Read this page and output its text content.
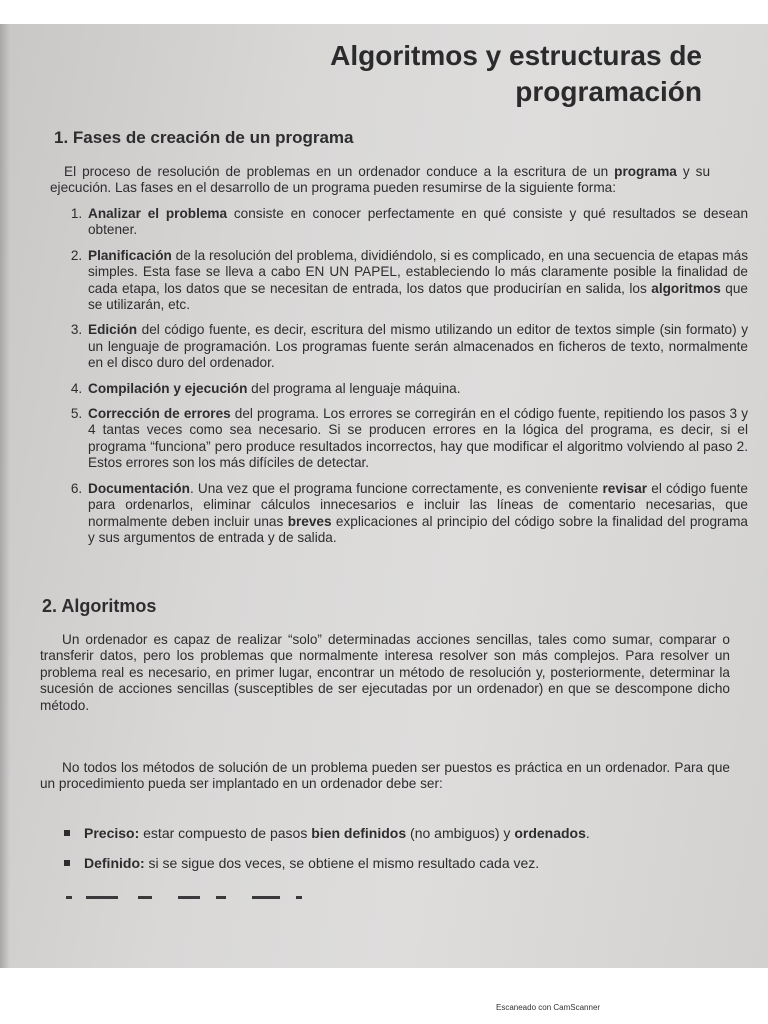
Algoritmos y estructuras de
programación
1. Fases de creación de un programa

El proceso de resolución de problemas en un ordenador conduce a la escritura de un programa y su ejecución. Las fases en el desarrollo de un programa pueden resumirse de la siguiente forma:

1. Analizar el problema consiste en conocer perfectamente en qué consiste y qué resultados se desean obtener.
2. Planificación de la resolución del problema, dividiéndolo, si es complicado, en una secuencia de etapas más simples. Esta fase se lleva a cabo EN UN PAPEL, estableciendo lo más claramente posible la finalidad de cada etapa, los datos que se necesitan de entrada, los datos que producirían en salida, los algoritmos que se utilizarán, etc.
3. Edición del código fuente, es decir, escritura del mismo utilizando un editor de textos simple (sin formato) y un lenguaje de programación. Los programas fuente serán almacenados en ficheros de texto, normalmente en el disco duro del ordenador.
4. Compilación y ejecución del programa al lenguaje máquina.
5. Corrección de errores del programa. Los errores se corregirán en el código fuente, repitiendo los pasos 3 y 4 tantas veces como sea necesario. Si se producen errores en la lógica del programa, es decir, si el programa “funciona” pero produce resultados incorrectos, hay que modificar el algoritmo volviendo al paso 2. Estos errores son los más difíciles de detectar.
6. Documentación. Una vez que el programa funcione correctamente, es conveniente revisar el código fuente para ordenarlos, eliminar cálculos innecesarios e incluir las líneas de comentario necesarias, que normalmente deben incluir unas breves explicaciones al principio del código sobre la finalidad del programa y sus argumentos de entrada y de salida.
2. Algoritmos

Un ordenador es capaz de realizar “solo” determinadas acciones sencillas, tales como sumar, comparar o transferir datos, pero los problemas que normalmente interesa resolver son más complejos. Para resolver un problema real es necesario, en primer lugar, encontrar un método de resolución y, posteriormente, determinar la sucesión de acciones sencillas (susceptibles de ser ejecutadas por un ordenador) en que se descompone dicho método.

No todos los métodos de solución de un problema pueden ser puestos es práctica en un ordenador. Para que un procedimiento pueda ser implantado en un ordenador debe ser:

Preciso: estar compuesto de pasos bien definidos (no ambiguos) y ordenados.
Definido: si se sigue dos veces, se obtiene el mismo resultado cada vez.
Escaneado con CamScanner
